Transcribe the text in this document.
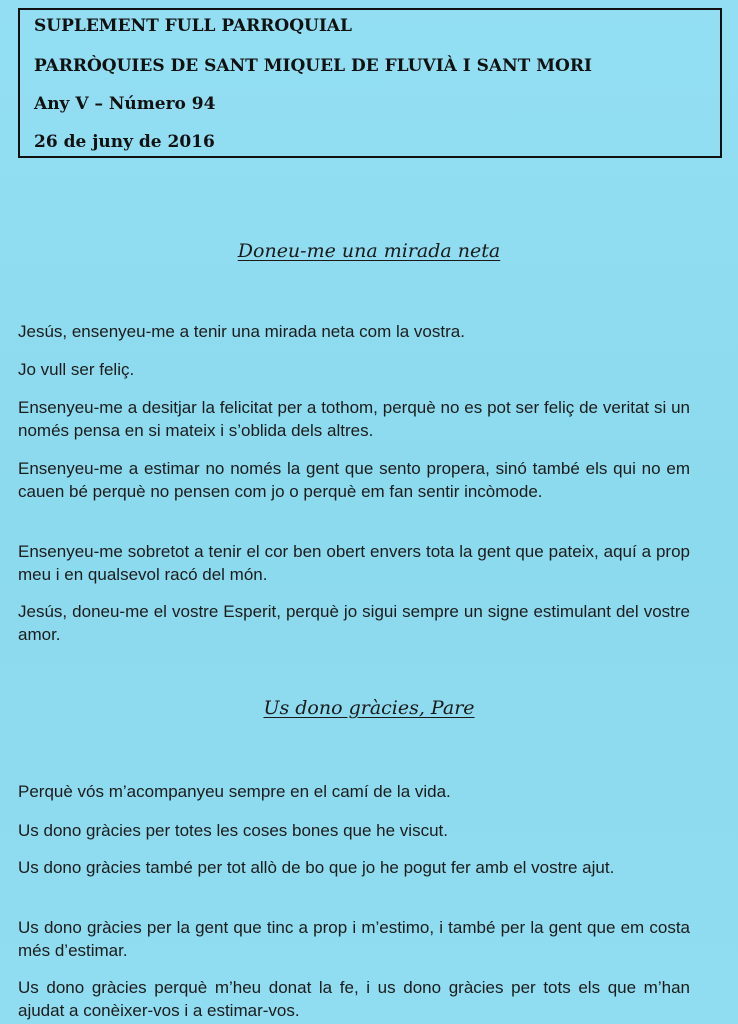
SUPLEMENT FULL PARROQUIAL
PARRÒQUIES DE SANT MIQUEL DE FLUVIÀ I SANT MORI
Any V – Número 94
26 de juny de 2016
Doneu-me una mirada neta

Jesús, ensenyeu-me a tenir una mirada neta com la vostra.

Jo vull ser feliç.

Ensenyeu-me a desitjar la felicitat per a tothom, perquè no es pot ser feliç de veritat si un només pensa en si mateix i s’oblida dels altres.

Ensenyeu-me a estimar no només la gent que sento propera, sinó també els qui no em cauen bé perquè no pensen com jo o perquè em fan sentir incòmode.

Ensenyeu-me sobretot a tenir el cor ben obert envers tota la gent que pateix, aquí a prop meu i en qualsevol racó del món.

Jesús, doneu-me el vostre Esperit, perquè jo sigui sempre un signe estimulant del vostre amor.

Us dono gràcies, Pare

Perquè vós m’acompanyeu sempre en el camí de la vida.

Us dono gràcies per totes les coses bones que he viscut.

Us dono gràcies també per tot allò de bo que jo he pogut fer amb el vostre ajut.

Us dono gràcies per la gent que tinc a prop i m’estimo, i també per la gent que em costa més d’estimar.

Us dono gràcies perquè m’heu donat la fe, i us dono gràcies per tots els que m’han ajudat a conèixer-vos i a estimar-vos.
